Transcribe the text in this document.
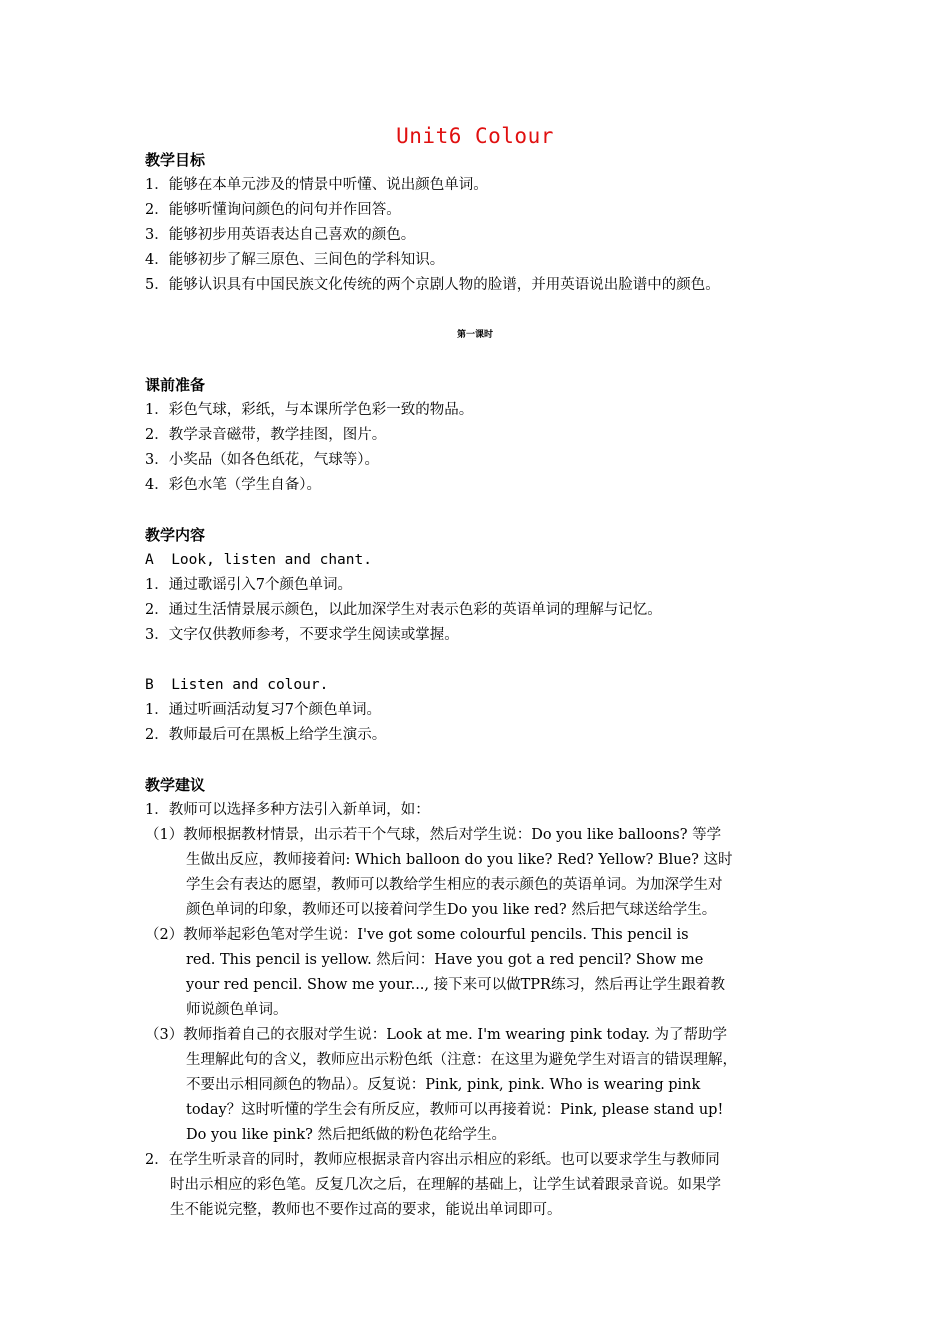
Unit6 Colour
教学目标
1．能够在本单元涉及的情景中听懂、说出颜色单词。
2．能够听懂询问颜色的问句并作回答。
3．能够初步用英语表达自己喜欢的颜色。
4．能够初步了解三原色、三间色的学科知识。
5．能够认识具有中国民族文化传统的两个京剧人物的脸谱，并用英语说出脸谱中的颜色。
第一课时
课前准备
1．彩色气球，彩纸，与本课所学色彩一致的物品。
2．教学录音磁带，教学挂图，图片。
3．小奖品（如各色纸花，气球等）。
4．彩色水笔（学生自备）。
教学内容
A  Look, listen and chant.
1．通过歌谣引入7个颜色单词。
2．通过生活情景展示颜色，以此加深学生对表示色彩的英语单词的理解与记忆。
3．文字仅供教师参考，不要求学生阅读或掌握。
B  Listen and colour.
1．通过听画活动复习7个颜色单词。
2．教师最后可在黑板上给学生演示。
教学建议
1．教师可以选择多种方法引入新单词，如：
（1）教师根据教材情景，出示若干个气球，然后对学生说：Do you like balloons? 等学
生做出反应，教师接着问: Which balloon do you like? Red? Yellow? Blue? 这时
学生会有表达的愿望，教师可以教给学生相应的表示颜色的英语单词。为加深学生对
颜色单词的印象，教师还可以接着问学生Do you like red? 然后把气球送给学生。
（2）教师举起彩色笔对学生说：I've got some colourful pencils. This pencil is
red. This pencil is yellow. 然后问：Have you got a red pencil? Show me
your red pencil. Show me your..., 接下来可以做TPR练习，然后再让学生跟着教
师说颜色单词。
（3）教师指着自己的衣服对学生说：Look at me. I'm wearing pink today. 为了帮助学
生理解此句的含义，教师应出示粉色纸（注意：在这里为避免学生对语言的错误理解，
不要出示相同颜色的物品）。反复说：Pink, pink, pink. Who is wearing pink
today？这时听懂的学生会有所反应，教师可以再接着说：Pink, please stand up!
Do you like pink? 然后把纸做的粉色花给学生。
2．在学生听录音的同时，教师应根据录音内容出示相应的彩纸。也可以要求学生与教师同
时出示相应的彩色笔。反复几次之后，在理解的基础上，让学生试着跟录音说。如果学
生不能说完整，教师也不要作过高的要求，能说出单词即可。
